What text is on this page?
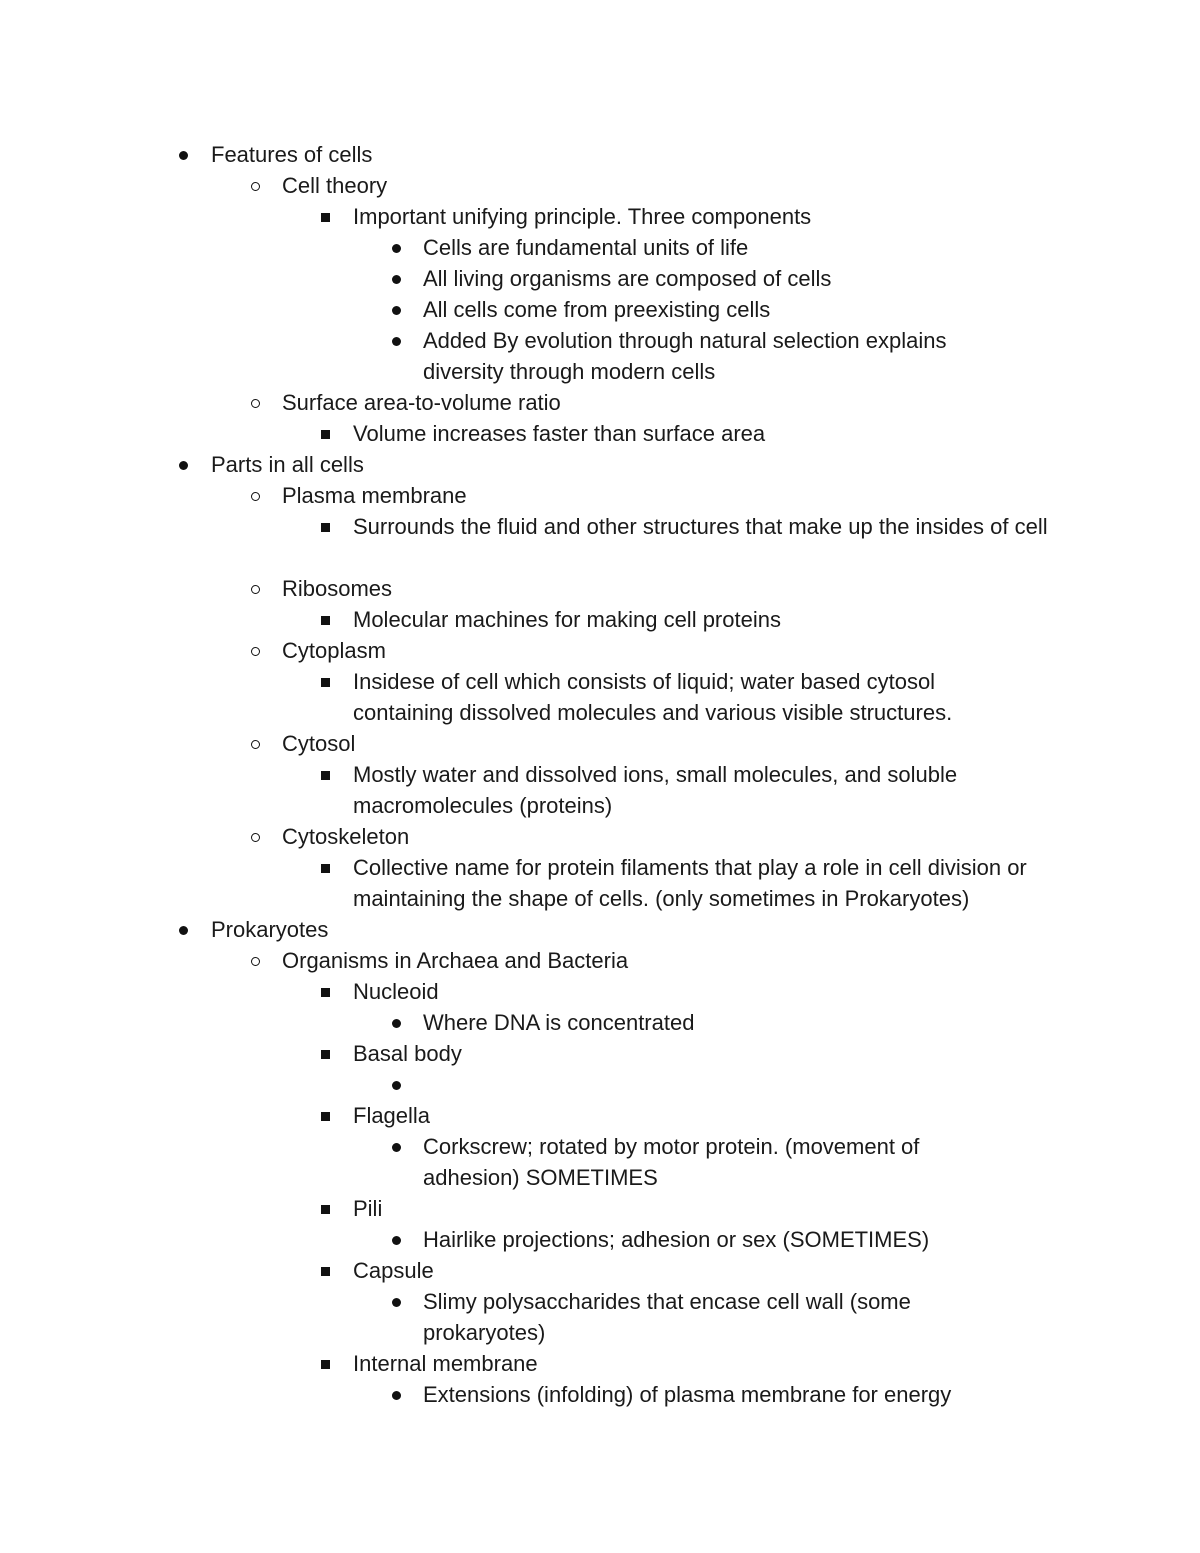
Features of cells
Cell theory
Important unifying principle. Three components
Cells are fundamental units of life
All living organisms are composed of cells
All cells come from preexisting cells
Added By evolution through natural selection explains diversity through modern cells
Surface area-to-volume ratio
Volume increases faster than surface area
Parts in all cells
Plasma membrane
Surrounds the fluid and other structures that make up the insides of cell
Ribosomes
Molecular machines for making cell proteins
Cytoplasm
Insidese of cell which consists of liquid; water based cytosol containing dissolved molecules and various visible structures.
Cytosol
Mostly water and dissolved ions, small molecules, and soluble macromolecules (proteins)
Cytoskeleton
Collective name for protein filaments that play a role in cell division or maintaining the shape of cells. (only sometimes in Prokaryotes)
Prokaryotes
Organisms in Archaea and Bacteria
Nucleoid
Where DNA is concentrated
Basal body
Flagella
Corkscrew; rotated by motor protein. (movement of adhesion) SOMETIMES
Pili
Hairlike projections; adhesion or sex (SOMETIMES)
Capsule
Slimy polysaccharides that encase cell wall (some prokaryotes)
Internal membrane
Extensions (infolding) of plasma membrane for energy
